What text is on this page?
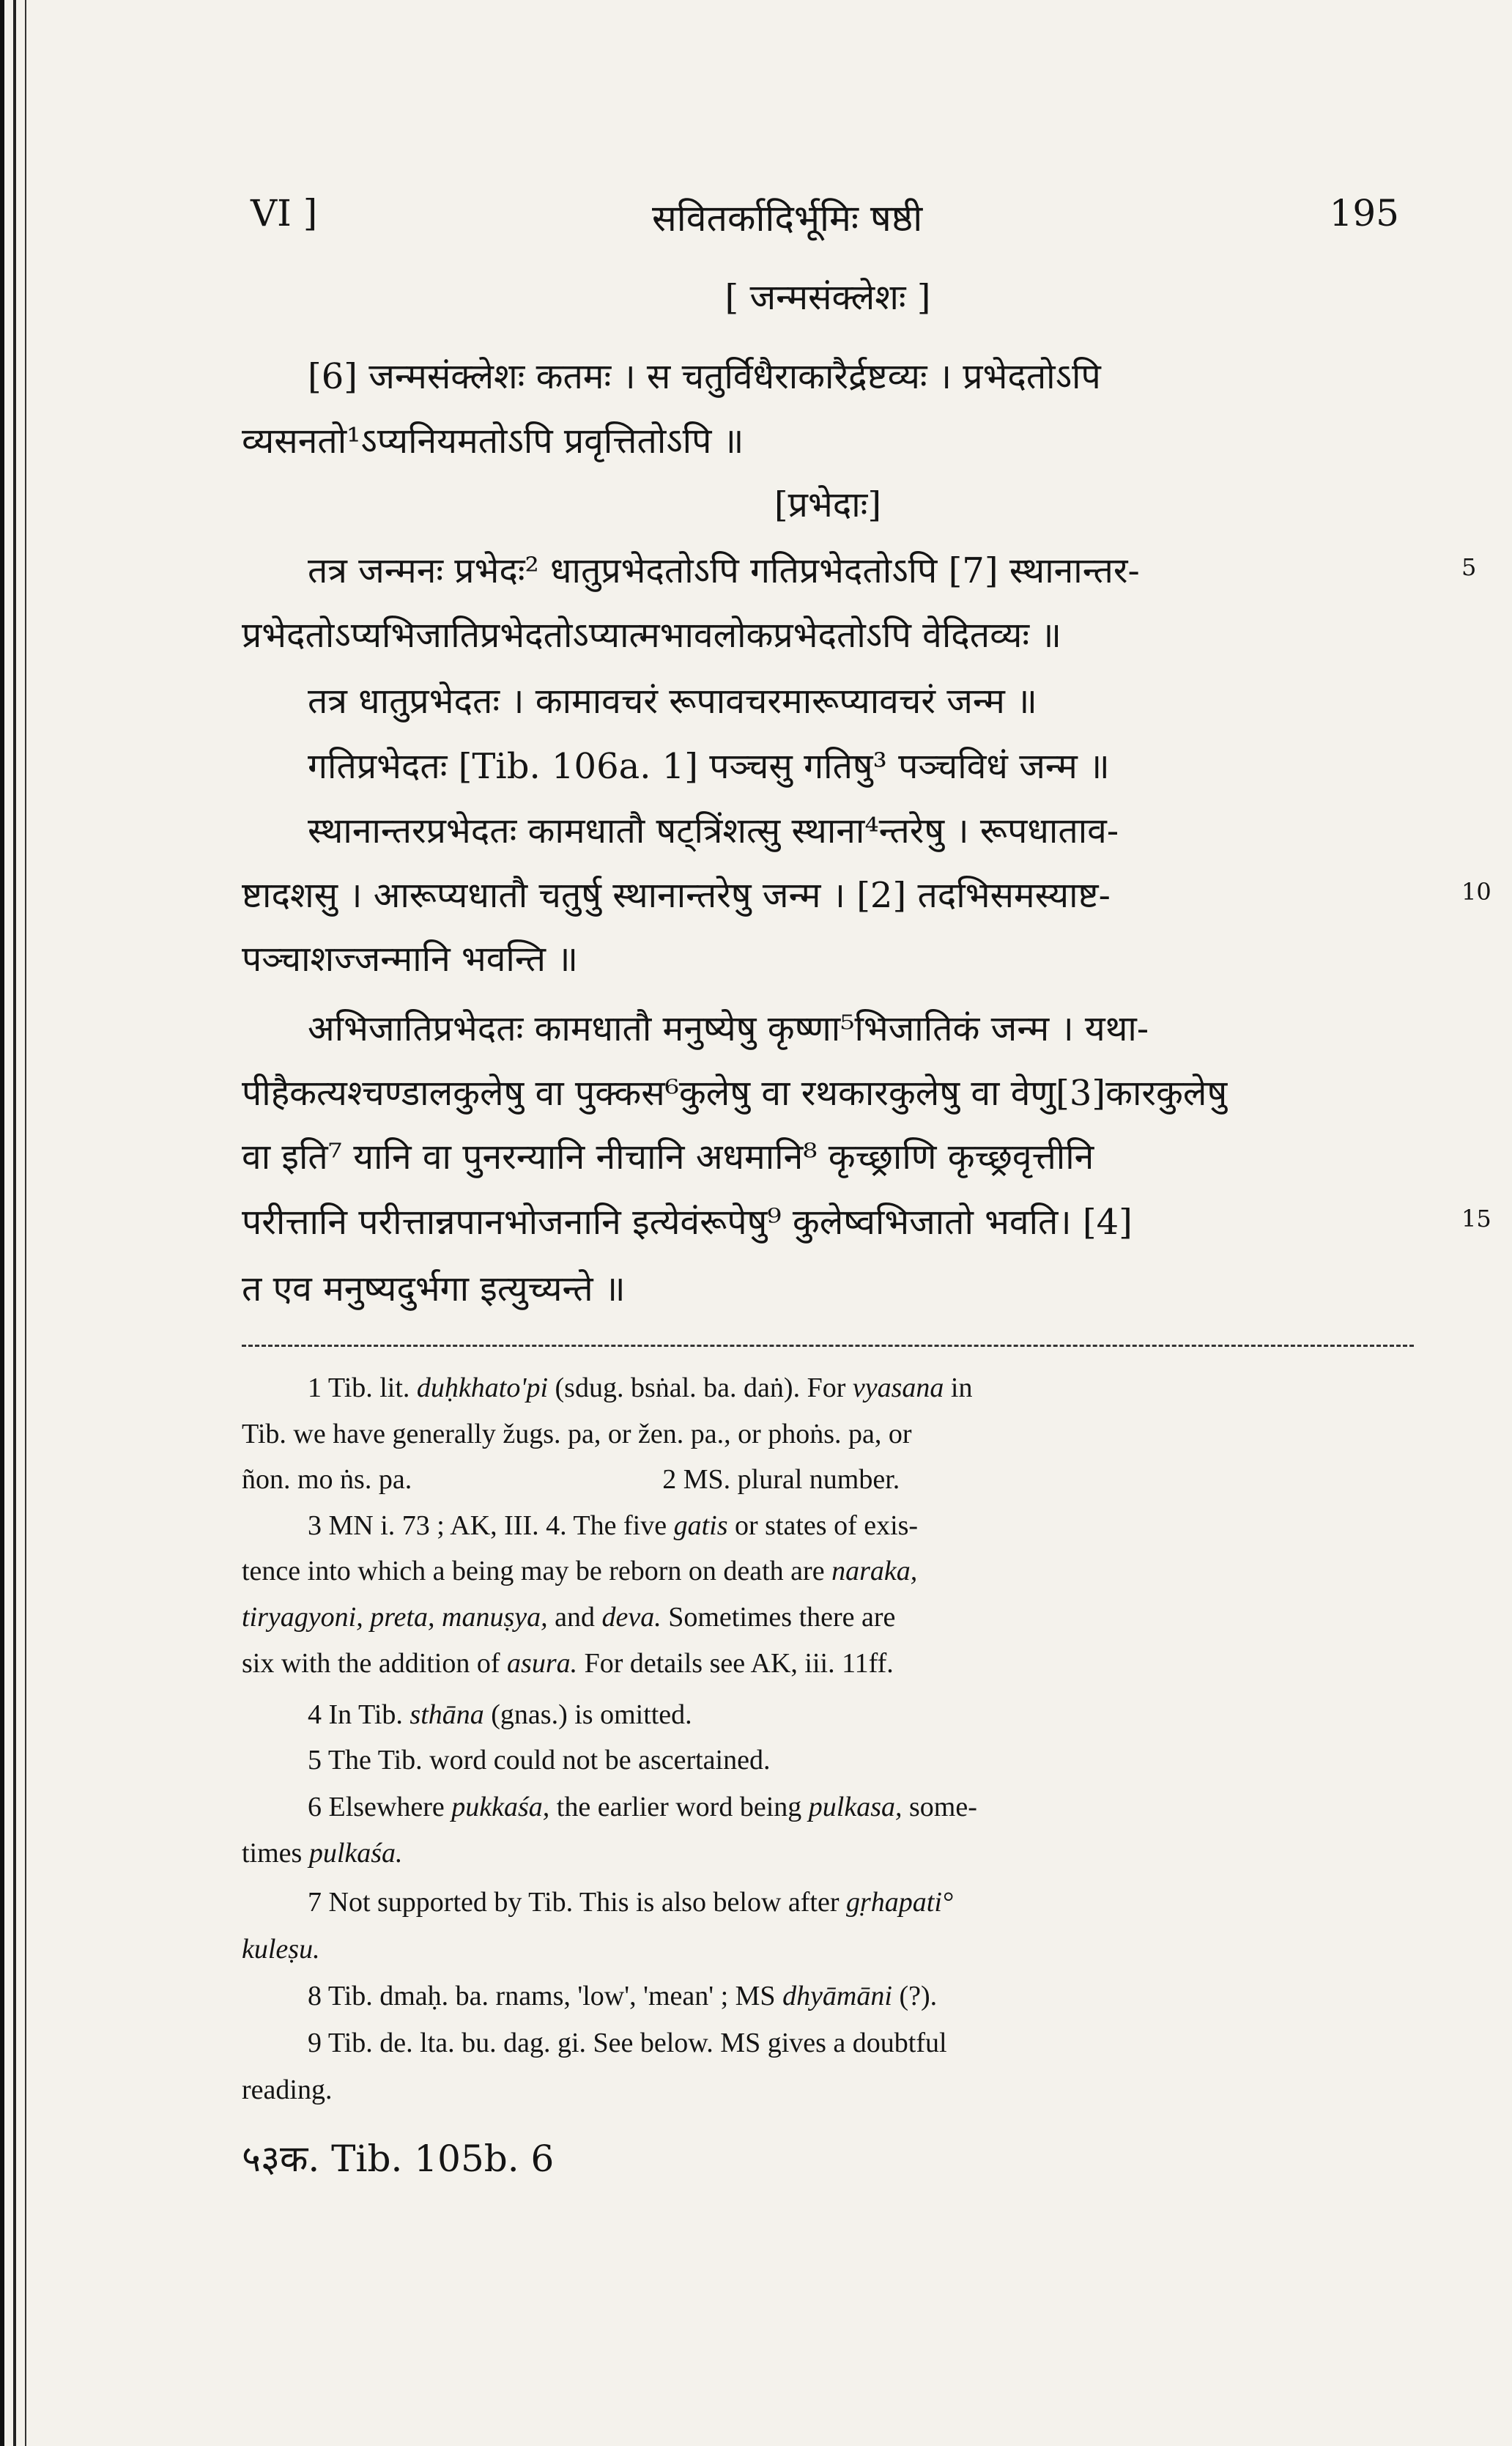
VI ]	सवितर्कादिर्भूमिः षष्ठी	195
[ जन्मसंक्लेशः ]
[6] जन्मसंक्लेशः कतमः । स चतुर्विधैराकारैर्द्रष्टव्यः । प्रभेदतोऽपि
व्यसनतो¹ऽप्यनियमतोऽपि प्रवृत्तितोऽपि ॥
[प्रभेदाः]
तत्र जन्मनः प्रभेदः² धातुप्रभेदतोऽपि गतिप्रभेदतोऽपि [7] स्थानान्तर-
प्रभेदतोऽप्यभिजातिप्रभेदतोऽप्यात्मभावलोकप्रभेदतोऽपि वेदितव्यः ॥
तत्र धातुप्रभेदतः । कामावचरं रूपावचरमारूप्यावचरं जन्म ॥
गतिप्रभेदतः [Tib. 106a. 1] पञ्चसु गतिषु³ पञ्चविधं जन्म ॥
स्थानान्तरप्रभेदतः कामधातौ षट्त्रिंशत्सु स्थाना⁴न्तरेषु । रूपधाताव-
ष्टादशसु । आरूप्यधातौ चतुर्षु स्थानान्तरेषु जन्म । [2] तदभिसमस्याष्ट-
पञ्चाशज्जन्मानि भवन्ति ॥
अभिजातिप्रभेदतः कामधातौ मनुष्येषु कृष्णा⁵भिजातिकं जन्म । यथा-
पीहैकत्यश्चण्डालकुलेषु वा पुक्कस⁶कुलेषु वा रथकारकुलेषु वा वेणु[3]कारकुलेषु
वा इति⁷ यानि वा पुनरन्यानि नीचानि अधमानि⁸ कृच्छ्राणि कृच्छ्रवृत्तीनि
परीत्तानि परीत्तान्नपानभोजनानि इत्येवंरूपेषु⁹ कुलेष्वभिजातो भवति। [4]
त एव मनुष्यदुर्भगा इत्युच्यन्ते ॥
5
10
15
1 Tib. lit. duḥkhato'pi (sdug. bsṅal. ba. daṅ). For vyasana in
Tib. we have generally žugs. pa, or žen. pa., or phoṅs. pa, or
ñon. mo ṅs. pa.                                    2 MS. plural number.
3 MN i. 73 ; AK, III. 4. The five gatis or states of exis-
tence into which a being may be reborn on death are naraka,
tiryagyoni, preta, manuṣya, and deva. Sometimes there are
six with the addition of asura. For details see AK, iii. 11ff.
4 In Tib. sthāna (gnas.) is omitted.
5 The Tib. word could not be ascertained.
6 Elsewhere pukkaśa, the earlier word being pulkasa, some-
times pulkaśa.
7 Not supported by Tib. This is also below after gṛhapati°
kuleṣu.
8 Tib. dmaḥ. ba. rnams, 'low', 'mean' ; MS dhyāmāni (?).
9 Tib. de. lta. bu. dag. gi. See below. MS gives a doubtful
reading.
५३क. Tib. 105b. 6
